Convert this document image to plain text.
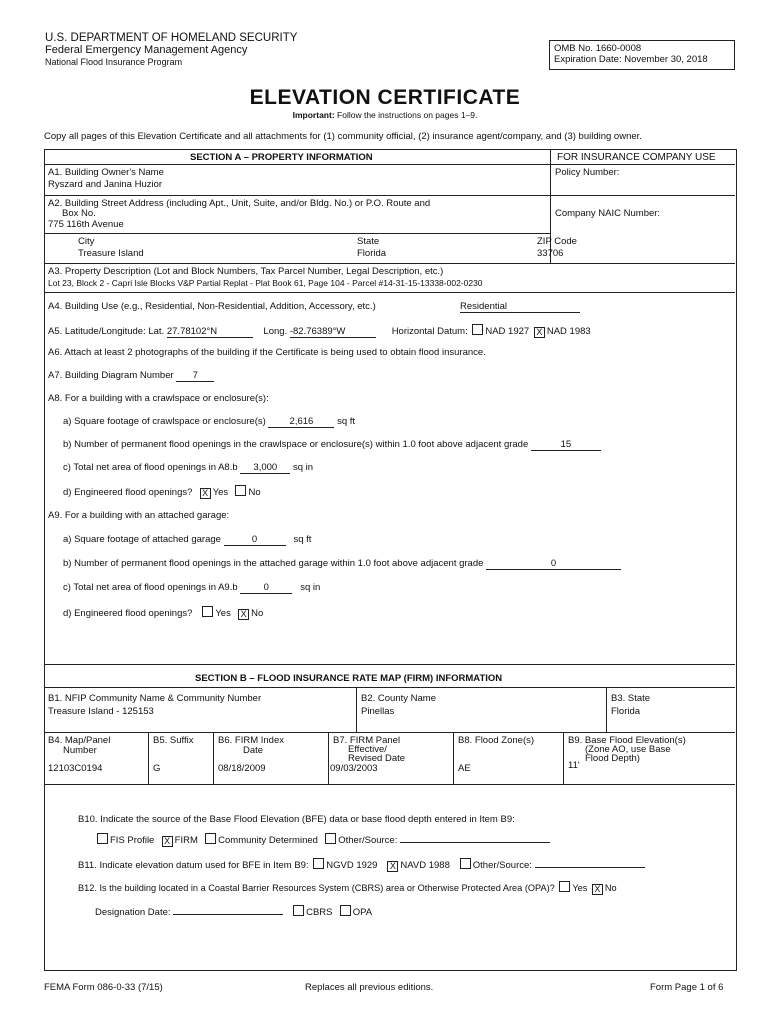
U.S. DEPARTMENT OF HOMELAND SECURITY
Federal Emergency Management Agency
National Flood Insurance Program
OMB No. 1660-0008
Expiration Date: November 30, 2018
ELEVATION CERTIFICATE
Important: Follow the instructions on pages 1–9.
Copy all pages of this Elevation Certificate and all attachments for (1) community official, (2) insurance agent/company, and (3) building owner.
SECTION A – PROPERTY INFORMATION	FOR INSURANCE COMPANY USE
A1. Building Owner's Name
Ryszard and Janina Huzior
Policy Number:
A2. Building Street Address (including Apt., Unit, Suite, and/or Bldg. No.) or P.O. Route and
Box No.
775 116th Avenue
Company NAIC Number:
City
Treasure Island
State
Florida
ZIP Code
33706
A3. Property Description (Lot and Block Numbers, Tax Parcel Number, Legal Description, etc.)
Lot 23, Block 2 - Capri Isle Blocks V&P Partial Replat - Plat Book 61, Page 104 - Parcel #14-31-15-13338-002-0230
A4. Building Use (e.g., Residential, Non-Residential, Addition, Accessory, etc.)	Residential
A5. Latitude/Longitude: Lat. 27.78102°N	Long. -82.76389°W	Horizontal Datum: NAD 1927 X NAD 1983
A6. Attach at least 2 photographs of the building if the Certificate is being used to obtain flood insurance.
A7. Building Diagram Number 7
A8. For a building with a crawlspace or enclosure(s):
a) Square footage of crawlspace or enclosure(s)	2,616	sq ft
b) Number of permanent flood openings in the crawlspace or enclosure(s) within 1.0 foot above adjacent grade	15
c) Total net area of flood openings in A8.b 3,000 sq in
d) Engineered flood openings? X Yes No
A9. For a building with an attached garage:
a) Square footage of attached garage	0	sq ft
b) Number of permanent flood openings in the attached garage within 1.0 foot above adjacent grade	0
c) Total net area of flood openings in A9.b	0	sq in
d) Engineered flood openings? Yes X No
SECTION B – FLOOD INSURANCE RATE MAP (FIRM) INFORMATION
B1. NFIP Community Name & Community Number
Treasure Island - 125153
B2. County Name
Pinellas
B3. State
Florida
B4. Map/Panel
Number
12103C0194
B5. Suffix
G
B6. FIRM Index
Date
08/18/2009
B7. FIRM Panel
Effective/
Revised Date
09/03/2003
B8. Flood Zone(s)
AE
B9. Base Flood Elevation(s)
(Zone AO, use Base
Flood Depth)
11'
B10. Indicate the source of the Base Flood Elevation (BFE) data or base flood depth entered in Item B9:
FIS Profile X FIRM Community Determined Other/Source:
B11. Indicate elevation datum used for BFE in Item B9: NGVD 1929 X NAVD 1988 Other/Source:
B12. Is the building located in a Coastal Barrier Resources System (CBRS) area or Otherwise Protected Area (OPA)? Yes X No
Designation Date:	CBRS OPA
FEMA Form 086-0-33 (7/15)	Replaces all previous editions.	Form Page 1 of 6
